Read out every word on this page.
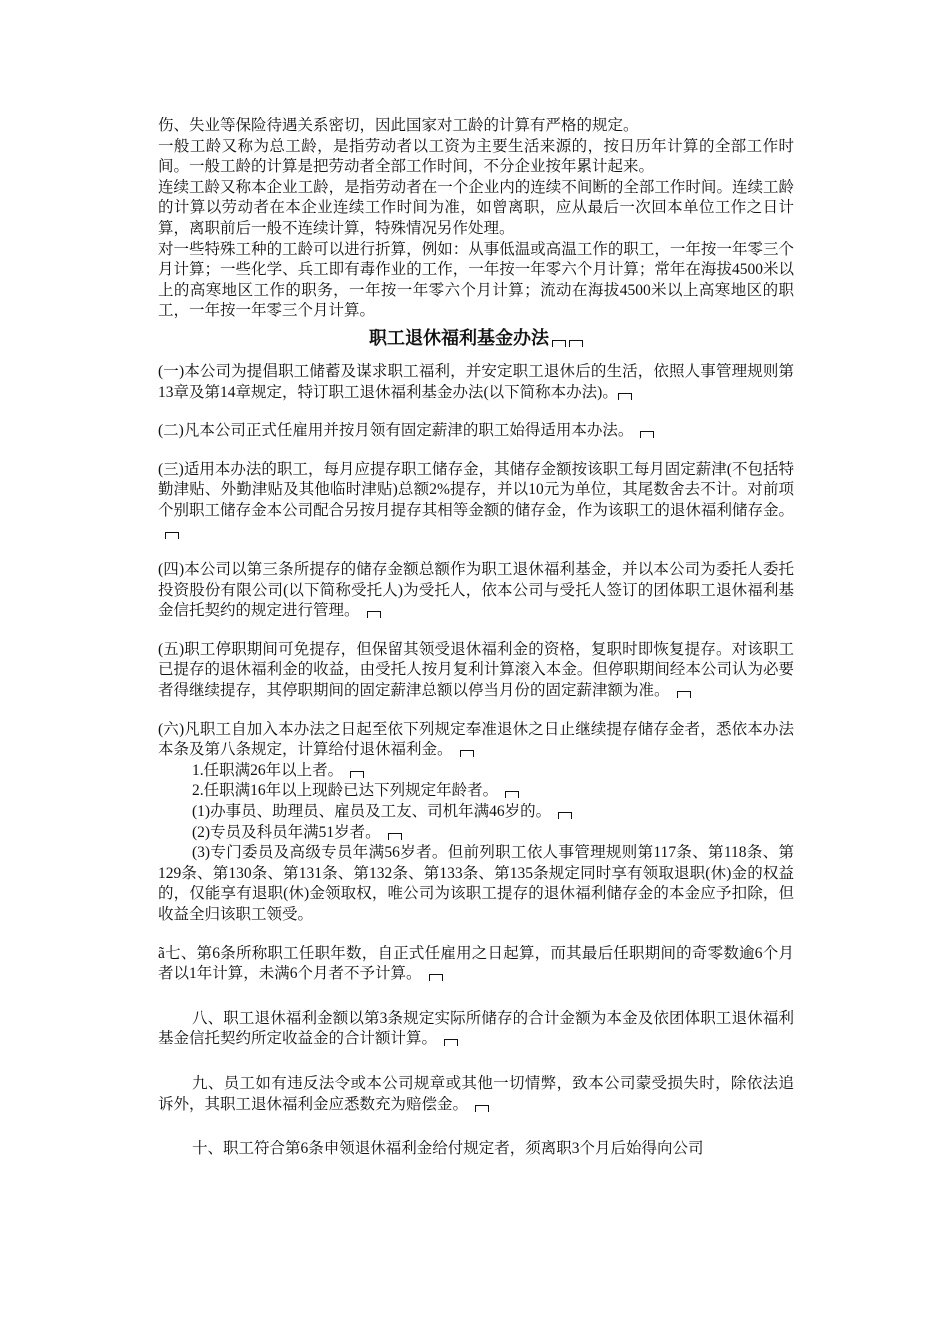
伤、失业等保险待遇关系密切，因此国家对工龄的计算有严格的规定。

一般工龄又称为总工龄，是指劳动者以工资为主要生活来源的，按日历年计算的全部工作时间。一般工龄的计算是把劳动者全部工作时间，不分企业按年累计起来。

连续工龄又称本企业工龄，是指劳动者在一个企业内的连续不间断的全部工作时间。连续工龄的计算以劳动者在本企业连续工作时间为准，如曾离职，应从最后一次回本单位工作之日计算，离职前后一般不连续计算，特殊情况另作处理。

对一些特殊工种的工龄可以进行折算，例如：从事低温或高温工作的职工，一年按一年零三个月计算；一些化学、兵工即有毒作业的工作，一年按一年零六个月计算；常年在海拔4500米以上的高寒地区工作的职务，一年按一年零六个月计算；流动在海拔4500米以上高寒地区的职工，一年按一年零三个月计算。

职工退休福利基金办法

(一)本公司为提倡职工储蓄及谋求职工福利，并安定职工退休后的生活，依照人事管理规则第13章及第14章规定，特订职工退休福利基金办法(以下简称本办法)。

(二)凡本公司正式任雇用并按月领有固定薪津的职工始得适用本办法。

(三)适用本办法的职工，每月应提存职工储存金，其储存金额按该职工每月固定薪津(不包括特勤津贴、外勤津贴及其他临时津贴)总额2%提存，并以10元为单位，其尾数舍去不计。对前项个别职工储存金本公司配合另按月提存其相等金额的储存金，作为该职工的退休福利储存金。

(四)本公司以第三条所提存的储存金额总额作为职工退休福利基金，并以本公司为委托人委托投资股份有限公司(以下简称受托人)为受托人，依本公司与受托人签订的团体职工退休福利基金信托契约的规定进行管理。

(五)职工停职期间可免提存，但保留其领受退休福利金的资格，复职时即恢复提存。对该职工已提存的退休福利金的收益，由受托人按月复利计算滚入本金。但停职期间经本公司认为必要者得继续提存，其停职期间的固定薪津总额以停当月份的固定薪津额为准。

(六)凡职工自加入本办法之日起至依下列规定奉准退休之日止继续提存储存金者，悉依本办法本条及第八条规定，计算给付退休福利金。

1.任职满26年以上者。

2.任职满16年以上现龄已达下列规定年龄者。

(1)办事员、助理员、雇员及工友、司机年满46岁的。

(2)专员及科员年满51岁者。

(3)专门委员及高级专员年满56岁者。但前列职工依人事管理规则第117条、第118条、第129条、第130条、第131条、第132条、第133条、第135条规定同时享有领取退职(休)金的权益的，仅能享有退职(休)金领取权，唯公司为该职工提存的退休福利储存金的本金应予扣除，但收益全归该职工领受。

ã七、第6条所称职工任职年数，自正式任雇用之日起算，而其最后任职期间的奇零数逾6个月者以1年计算，未满6个月者不予计算。

八、职工退休福利金额以第3条规定实际所储存的合计金额为本金及依团体职工退休福利基金信托契约所定收益金的合计额计算。

九、员工如有违反法令或本公司规章或其他一切情弊，致本公司蒙受损失时，除依法追诉外，其职工退休福利金应悉数充为赔偿金。

十、职工符合第6条申领退休福利金给付规定者，须离职3个月后始得向公司
